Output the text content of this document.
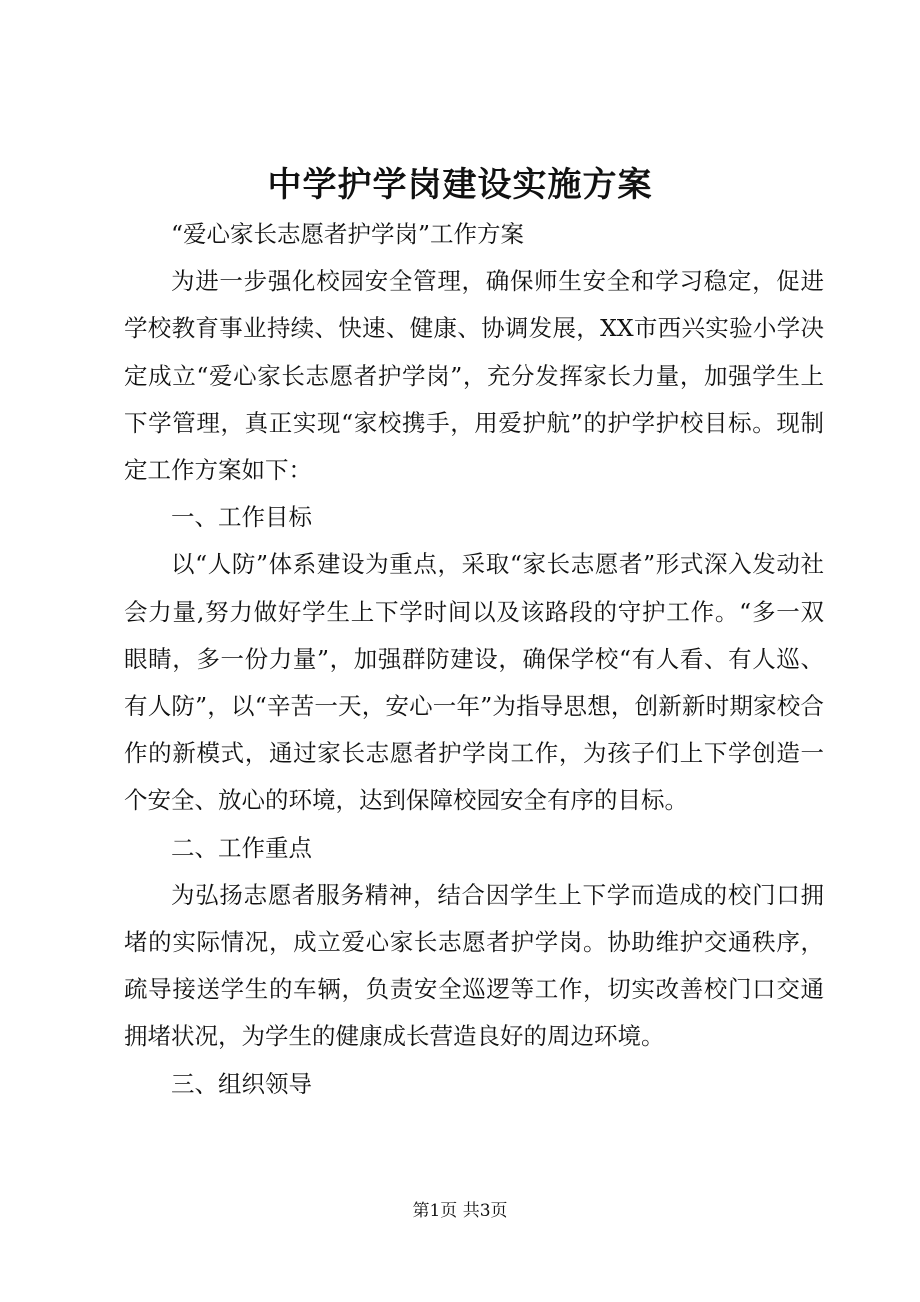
中学护学岗建设实施方案

“爱心家长志愿者护学岗”工作方案

为进一步强化校园安全管理，确保师生安全和学习稳定，促进学校教育事业持续、快速、健康、协调发展，XX市西兴实验小学决定成立“爱心家长志愿者护学岗”，充分发挥家长力量，加强学生上下学管理，真正实现“家校携手，用爱护航”的护学护校目标。现制定工作方案如下：

一、工作目标

以“人防”体系建设为重点，采取“家长志愿者”形式深入发动社会力量,努力做好学生上下学时间以及该路段的守护工作。“多一双眼睛，多一份力量”，加强群防建设，确保学校“有人看、有人巡、有人防”，以“辛苦一天，安心一年”为指导思想，创新新时期家校合作的新模式，通过家长志愿者护学岗工作，为孩子们上下学创造一个安全、放心的环境，达到保障校园安全有序的目标。

二、工作重点

为弘扬志愿者服务精神，结合因学生上下学而造成的校门口拥堵的实际情况，成立爱心家长志愿者护学岗。协助维护交通秩序，疏导接送学生的车辆，负责安全巡逻等工作，切实改善校门口交通拥堵状况，为学生的健康成长营造良好的周边环境。

三、组织领导

第1页 共3页
